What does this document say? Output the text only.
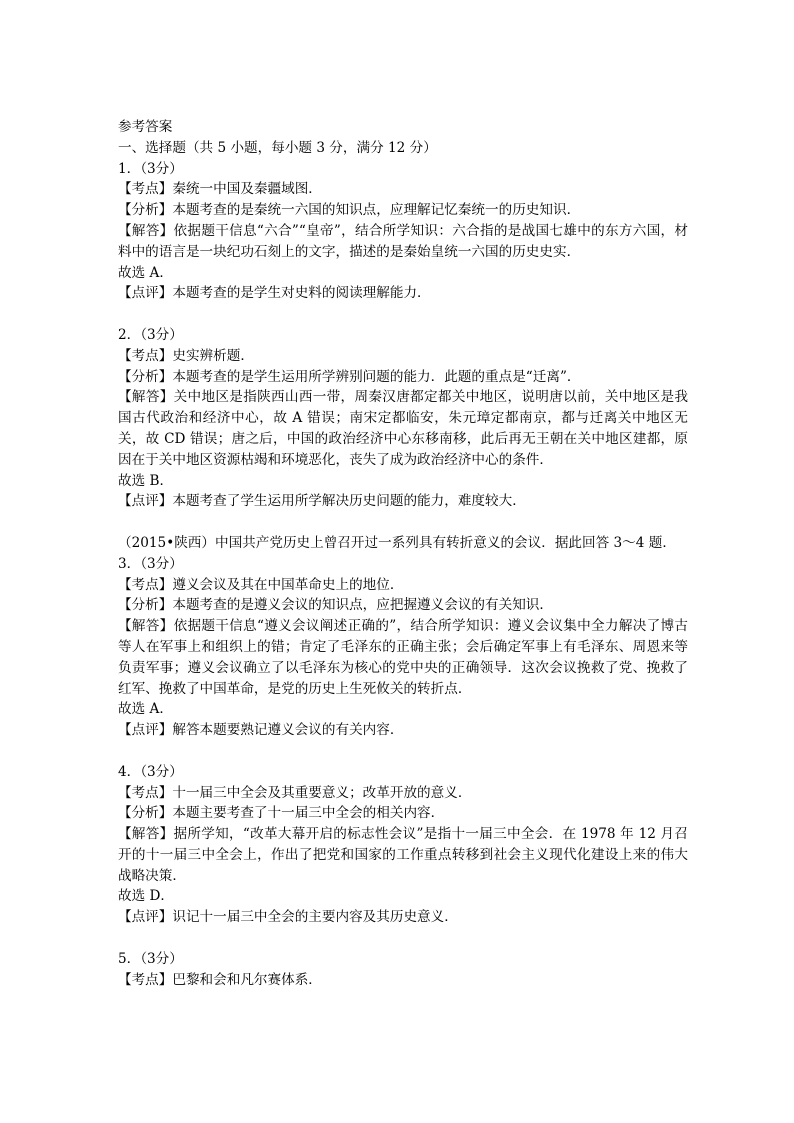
参考答案
一、选择题（共 5 小题，每小题 3 分，满分 12 分）
1．（3分）
【考点】秦统一中国及秦疆域图．
【分析】本题考查的是秦统一六国的知识点，应理解记忆秦统一的历史知识．
【解答】依据题干信息“六合”“皇帝”，结合所学知识：六合指的是战国七雄中的东方六国，材料中的语言是一块纪功石刻上的文字，描述的是秦始皇统一六国的历史史实．
故选 A．
【点评】本题考查的是学生对史料的阅读理解能力．
2．（3分）
【考点】史实辨析题．
【分析】本题考查的是学生运用所学辨别问题的能力．此题的重点是“迁离”．
【解答】关中地区是指陕西山西一带，周秦汉唐都定都关中地区，说明唐以前，关中地区是我国古代政治和经济中心，故 A 错误；南宋定都临安，朱元璋定都南京，都与迁离关中地区无关，故 CD 错误；唐之后，中国的政治经济中心东移南移，此后再无王朝在关中地区建都，原因在于关中地区资源枯竭和环境恶化，丧失了成为政治经济中心的条件．
故选 B．
【点评】本题考查了学生运用所学解决历史问题的能力，难度较大．
（2015•陕西）中国共产党历史上曾召开过一系列具有转折意义的会议．据此回答 3～4 题．
3．（3分）
【考点】遵义会议及其在中国革命史上的地位．
【分析】本题考查的是遵义会议的知识点，应把握遵义会议的有关知识．
【解答】依据题干信息“遵义会议阐述正确的”，结合所学知识：遵义会议集中全力解决了博古等人在军事上和组织上的错；肯定了毛泽东的正确主张；会后确定军事上有毛泽东、周恩来等负责军事；遵义会议确立了以毛泽东为核心的党中央的正确领导．这次会议挽救了党、挽救了红军、挽救了中国革命，是党的历史上生死攸关的转折点．
故选 A．
【点评】解答本题要熟记遵义会议的有关内容．
4．（3分）
【考点】十一届三中全会及其重要意义；改革开放的意义．
【分析】本题主要考查了十一届三中全会的相关内容．
【解答】据所学知，“改革大幕开启的标志性会议”是指十一届三中全会．在 1978 年 12 月召开的十一届三中全会上，作出了把党和国家的工作重点转移到社会主义现代化建设上来的伟大战略决策．
故选 D．
【点评】识记十一届三中全会的主要内容及其历史意义．
5．（3分）
【考点】巴黎和会和凡尔赛体系．
